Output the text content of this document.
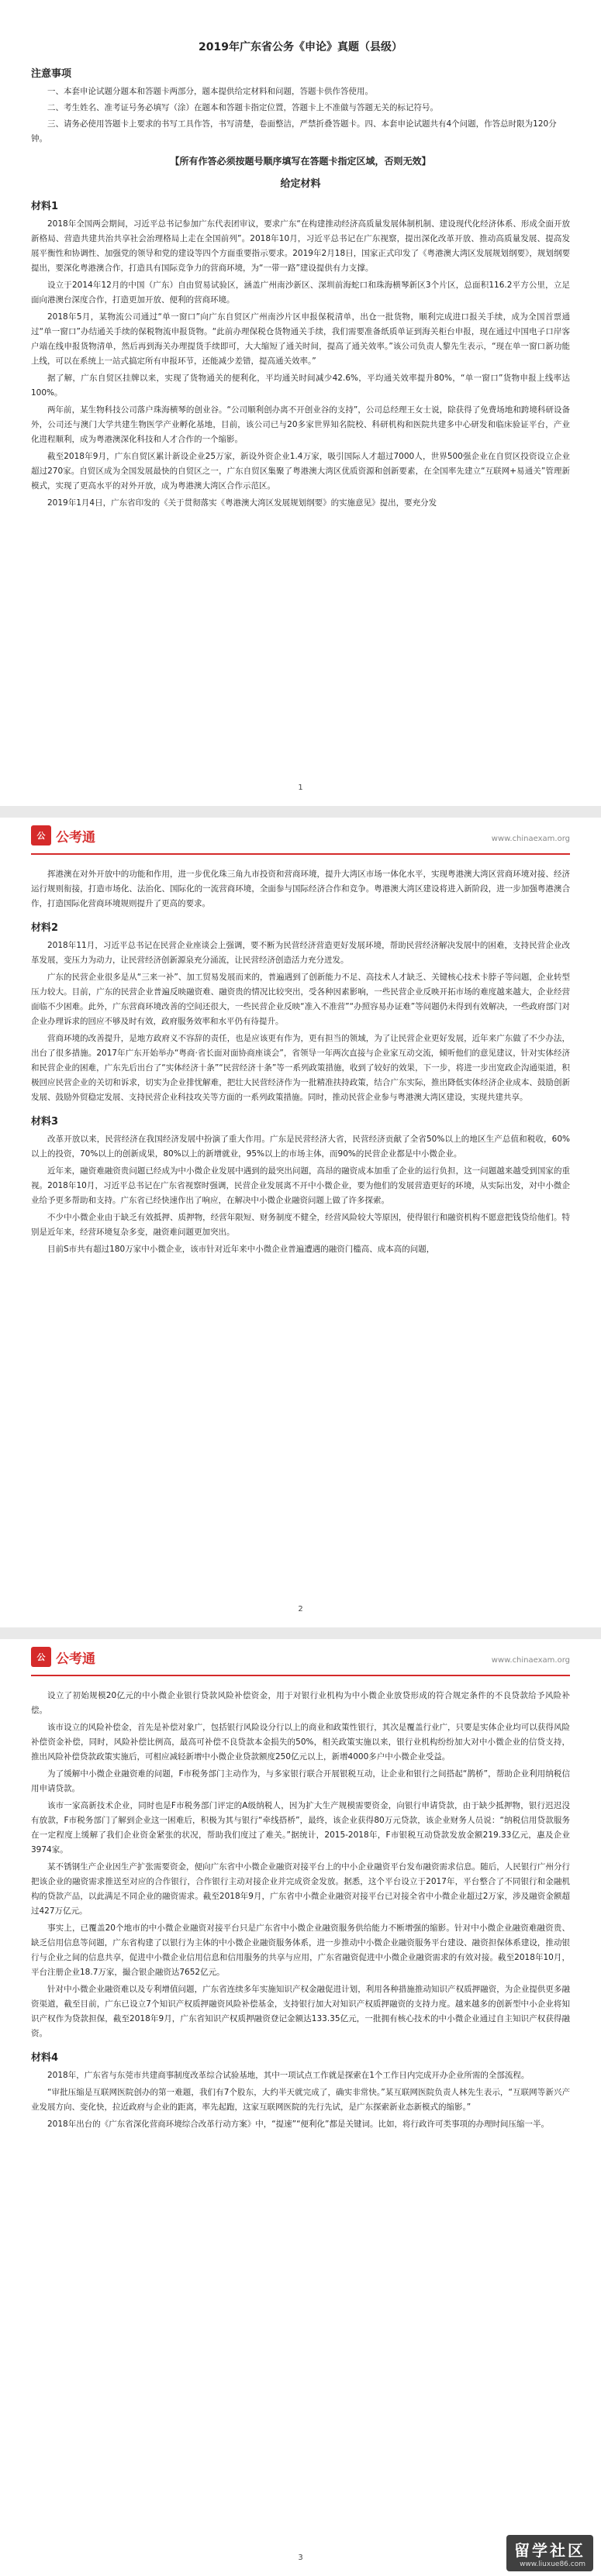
2019年广东省公务《申论》真题（县级）
注意事项

一、本套申论试题分题本和答题卡两部分，题本提供给定材料和问题，答题卡供作答使用。

二、考生姓名、准考证号务必填写（涂）在题本和答题卡指定位置，答题卡上不准做与答题无关的标记符号。

三、请务必使用答题卡上要求的书写工具作答，书写清楚，卷面整洁，严禁折叠答题卡。四、本套申论试题共有4个问题，作答总时限为120分钟。

【所有作答必须按题号顺序填写在答题卡指定区域，否则无效】
给定材料
材料1

2018年全国两会期间，习近平总书记参加广东代表团审议，要求广东“在构建推动经济高质量发展体制机制、建设现代化经济体系、形成全面开放新格局、营造共建共治共享社会治理格局上走在全国前列”。2018年10月，习近平总书记在广东视察，提出深化改革开放、推动高质量发展、提高发展平衡性和协调性、加强党的领导和党的建设等四个方面重要指示要求。2019年2月18日，国家正式印发了《粤港澳大湾区发展规划纲要》，规划纲要提出，要深化粤港澳合作，打造具有国际竞争力的营商环境，为“一带一路”建设提供有力支撑。

设立于2014年12月的中国（广东）自由贸易试验区，涵盖广州南沙新区、深圳前海蛇口和珠海横琴新区3个片区，总面积116.2平方公里，立足面向港澳台深度合作，打造更加开放、便利的营商环境。

2018年5月，某物流公司通过“单一窗口”向广东自贸区广州南沙片区申报保税清单，出仓一批货物，顺利完成进口报关手续，成为全国首票通过“单一窗口”办结通关手续的保税物流申报货物。“此前办理保税仓货物通关手续，我们需要准备纸质单证到海关柜台申报，现在通过中国电子口岸客户端在线申报货物清单，然后再到海关办理提货手续即可，大大缩短了通关时间，提高了通关效率。”该公司负责人黎先生表示，“现在单一窗口新功能上线，可以在系统上一站式搞定所有申报环节，还能减少差错，提高通关效率。”

据了解，广东自贸区挂牌以来，实现了货物通关的便利化，平均通关时间减少42.6%，平均通关效率提升80%，“单一窗口”货物申报上线率达100%。

两年前，某生物科技公司落户珠海横琴的创业谷。“公司顺利创办离不开创业谷的支持”，公司总经理王女士说，除获得了免费场地和跨境科研设备外，公司还与澳门大学共建生物医学产业孵化基地，目前，该公司已与20多家世界知名院校、科研机构和医院共建多中心研发和临床验证平台，产业化进程顺利，成为粤港澳深化科技和人才合作的一个缩影。

截至2018年9月，广东自贸区累计新设企业25万家，新设外资企业1.4万家，吸引国际人才超过7000人，世界500强企业在自贸区投资设立企业超过270家。自贸区成为全国发展最快的自贸区之一，广东自贸区集聚了粤港澳大湾区优质资源和创新要素，在全国率先建立“互联网+易通关”管理新模式，实现了更高水平的对外开放，成为粤港澳大湾区合作示范区。

2019年1月4日，广东省印发的《关于贯彻落实《粤港澳大湾区发展规划纲要》的实施意见》提出，要充分发

1
公 公考通	www.chinaexam.org

挥港澳在对外开放中的功能和作用，进一步优化珠三角九市投资和营商环境，提升大湾区市场一体化水平，实现粤港澳大湾区营商环境对接、经济运行规则衔接，打造市场化、法治化、国际化的一流营商环境，全面参与国际经济合作和竞争。粤港澳大湾区建设将进入新阶段，进一步加强粤港澳合作，打造国际化营商环境规则提升了更高的要求。

材料2

2018年11月，习近平总书记在民营企业座谈会上强调，要不断为民营经济营造更好发展环境，帮助民营经济解决发展中的困难，支持民营企业改革发展，变压力为动力，让民营经济创新源泉充分涌流，让民营经济创造活力充分迸发。

广东的民营企业很多是从“三来一补”、加工贸易发展而来的，普遍遇到了创新能力不足、高技术人才缺乏、关键核心技术卡脖子等问题，企业转型压力较大。目前，广东的民营企业普遍反映融资难、融资贵的情况比较突出，受各种因素影响，一些民营企业反映开拓市场的难度越来越大，企业经营面临不少困难。此外，广东营商环境改善的空间还很大，一些民营企业反映“准入不准营”“办照容易办证难”等问题仍未得到有效解决，一些政府部门对企业办理诉求的回应不够及时有效，政府服务效率和水平仍有待提升。

营商环境的改善提升，是地方政府义不容辞的责任，也是应该更有作为，更有担当的领域，为了让民营企业更好发展，近年来广东做了不少办法，出台了很多措施。2017年广东开始举办“粤商·省长面对面协商座谈会”，省领导一年两次直接与企业家互动交流，倾听他们的意见建议，针对实体经济和民营企业的困难，广东先后出台了“实体经济十条”“民营经济十条”等一系列政策措施，收到了较好的效果，下一步，将进一步出宽政企沟通渠道，积极回应民营企业的关切和诉求，切实为企业排忧解难，把壮大民营经济作为一批精准扶持政策，结合广东实际，推出降低实体经济企业成本、鼓励创新发展、鼓励外贸稳定发展、支持民营企业科技攻关等方面的一系列政策措施。同时，推动民营企业参与粤港澳大湾区建设，实现共建共享。

材料3

改革开放以来，民营经济在我国经济发展中扮演了重大作用。广东是民营经济大省，民营经济贡献了全省50%以上的地区生产总值和税收，60%以上的投资，70%以上的创新成果，80%以上的新增就业，95%以上的市场主体，而90%的民营企业都是中小微企业。

近年来，融资难融资贵问题已经成为中小微企业发展中遇到的最突出问题，高昂的融资成本加重了企业的运行负担，这一问题越来越受到国家的重视。2018年10月，习近平总书记在广东省视察时强调，民营企业发展离不开中小微企业，要为他们的发展营造更好的环境，从实际出发，对中小微企业给予更多帮助和支持。广东省已经快速作出了响应，在解决中小微企业融资问题上做了许多探索。

不少中小微企业由于缺乏有效抵押、质押物，经营年限短、财务制度不健全，经营风险较大等原因，使得银行和融资机构不愿意把钱贷给他们。特别是近年来，经营环境复杂多变，融资难问题更加突出。

目前S市共有超过180万家中小微企业，该市针对近年来中小微企业普遍遭遇的融资门槛高、成本高的问题，

2
公 公考通	www.chinaexam.org

设立了初始规模20亿元的中小微企业银行贷款风险补偿资金，用于对银行业机构为中小微企业放贷形成的符合规定条件的不良贷款给予风险补偿。

该市设立的风险补偿金，首先是补偿对象广，包括银行风险设分行以上的商业和政策性银行，其次是覆盖行业广，只要是实体企业均可以获得风险补偿资金补偿，同时，风险补偿比例高，最高可补偿不良贷款本金损失的50%，相关政策实施以来，银行业机构纷纷加大对中小微企业的信贷支持，推出风险补偿贷款政策实施后，可相应减轻新增中小微企业贷款额度250亿元以上，新增4000多户中小微企业受益。

为了缓解中小微企业融资难的问题，F市税务部门主动作为，与多家银行联合开展银税互动，让企业和银行之间搭起“鹊桥”，帮助企业利用纳税信用申请贷款。

该市一家高新技术企业，同时也是F市税务部门评定的A级纳税人，因为扩大生产规模需要资金，向银行申请贷款，由于缺少抵押物，银行迟迟没有放款，F市税务部门了解到企业这一困难后，积极为其与银行“牵线搭桥”，最终，该企业获得80万元贷款，该企业财务人员说：“纳税信用贷款服务在一定程度上缓解了我们企业资金紧张的状况，帮助我们度过了难关。”据统计，2015-2018年，F市银税互动贷款发放金额219.33亿元，惠及企业3974家。

某不锈钢生产企业因生产扩张需要资金，便向广东省中小微企业融资对接平台上的中小企业融资平台发布融资需求信息。随后，人民银行广州分行把该企业的融资需求推送至对应的合作银行，合作银行主动对接企业并完成资金发放。据悉，这个平台设立于2017年，平台整合了不同银行和金融机构的贷款产品，以此满足不同企业的融资需求。截至2018年9月，广东省中小微企业融资对接平台已对接全省中小微企业超过2万家，涉及融资金额超过427万亿元。

事实上，已覆盖20个地市的中小微企业融资对接平台只是广东省中小微企业融资服务供给能力不断增强的缩影。针对中小微企业融资难融资贵、缺乏信用信息等问题，广东省构建了以银行为主体的中小微企业融资服务体系，进一步推动中小微企业融资服务平台建设、融资担保体系建设，推动银行与企业之间的信息共享，促进中小微企业信用信息和信用服务的共享与应用，广东省融资促进中小微企业融资需求的有效对接。截至2018年10月，平台注册企业18.7万家，撮合银企融资达7652亿元。

针对中小微企业融资难以及专利增值问题，广东省连续多年实施知识产权金融促进计划，利用各种措施推动知识产权质押融资，为企业提供更多融资渠道，截至目前，广东已设立7个知识产权质押融资风险补偿基金，支持银行加大对知识产权质押融资的支持力度。越来越多的创新型中小企业将知识产权作为贷款担保，截至2018年9月，广东省知识产权质押融资登记金额达133.35亿元，一批拥有核心技术的中小微企业通过自主知识产权获得融资。

材料4

2018年，广东省与东莞市共建商事制度改革综合试验基地，其中一项试点工作就是探索在1个工作日内完成开办企业所需的全部流程。

“审批压缩是互联网医院创办的第一难题，我们有7个股东，大约半天就完成了，确实非常快。”某互联网医院负责人林先生表示，“互联网等新兴产业发展方向、变化快，拉近政府与企业的距离，率先起跑，这家互联网医院的先行先试，是广东探索新业态新模式的缩影。”

2018年出台的《广东省深化营商环境综合改革行动方案》中，“提速”“便利化”都是关键词。比如，将行政许可类事项的办理时间压缩一半。

3	留学社区
www.liuxue86.com
